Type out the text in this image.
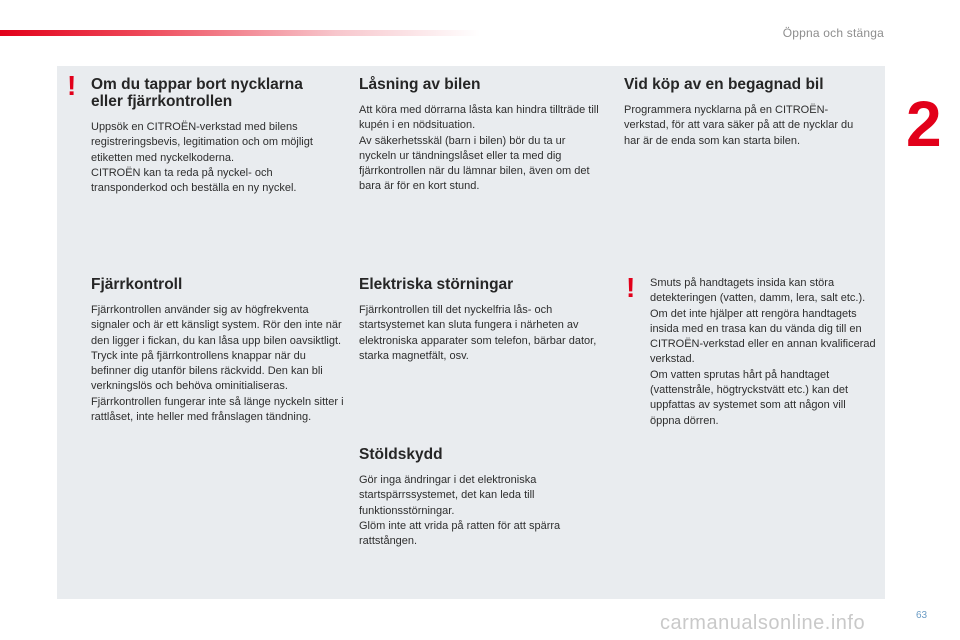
Öppna och stänga
2
! Om du tappar bort nycklarna
eller fjärrkontrollen

Uppsök en CITROËN-verkstad med bilens registreringsbevis, legitimation och om möjligt etiketten med nyckelkoderna.
CITROËN kan ta reda på nyckel- och transponderkod och beställa en ny nyckel.

Låsning av bilen

Att köra med dörrarna låsta kan hindra tillträde till kupén i en nödsituation.
Av säkerhetsskäl (barn i bilen) bör du ta ur nyckeln ur tändningslåset eller ta med dig fjärrkontrollen när du lämnar bilen, även om det bara är för en kort stund.

Vid köp av en begagnad bil

Programmera nycklarna på en CITROËN-verkstad, för att vara säker på att de nycklar du har är de enda som kan starta bilen.

Fjärrkontroll

Fjärrkontrollen använder sig av högfrekventa signaler och är ett känsligt system. Rör den inte när den ligger i fickan, du kan låsa upp bilen oavsiktligt.
Tryck inte på fjärrkontrollens knappar när du befinner dig utanför bilens räckvidd. Den kan bli verkningslös och behöva ominitialiseras.
Fjärrkontrollen fungerar inte så länge nyckeln sitter i rattlåset, inte heller med frånslagen tändning.

Elektriska störningar

Fjärrkontrollen till det nyckelfria lås- och startsystemet kan sluta fungera i närheten av elektroniska apparater som telefon, bärbar dator, starka magnetfält, osv.

! Smuts på handtagets insida kan störa detekteringen (vatten, damm, lera, salt etc.).
Om det inte hjälper att rengöra handtagets insida med en trasa kan du vända dig till en CITROËN-verkstad eller en annan kvalificerad verkstad.
Om vatten sprutas hårt på handtaget (vattenstråle, högtryckstvätt etc.) kan det uppfattas av systemet som att någon vill öppna dörren.

Stöldskydd

Gör inga ändringar i det elektroniska startspärrssystemet, det kan leda till funktionsstörningar.
Glöm inte att vrida på ratten för att spärra rattstången.

carmanualsonline.info	63
